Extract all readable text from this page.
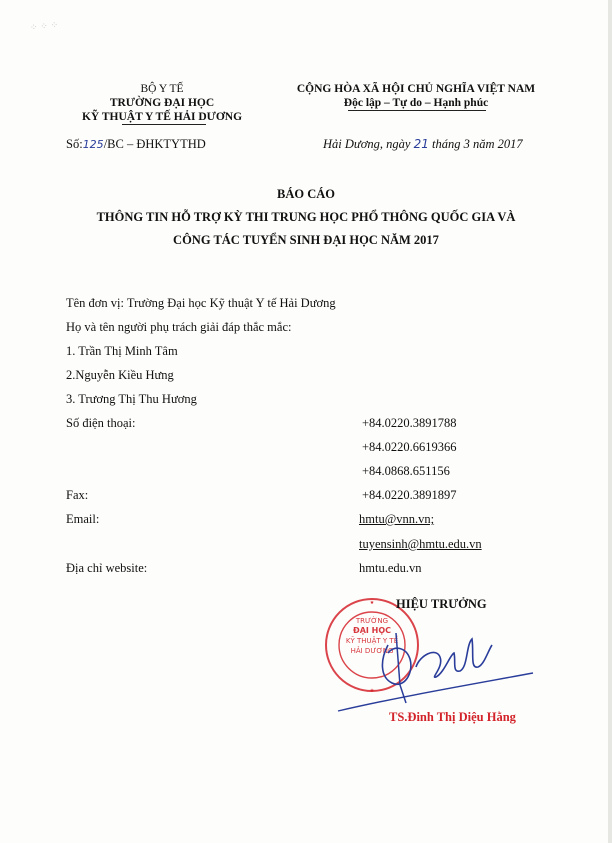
⁘ ⁘ ⁘
BỘ Y TẾ
TRƯỜNG ĐẠI HỌC
KỸ THUẬT Y TẾ HẢI DƯƠNG
CỘNG HÒA XÃ HỘI CHỦ NGHĨA VIỆT NAM
Độc lập – Tự do – Hạnh phúc
Số:125/BC – ĐHKTYTHD	Hải Dương, ngày 21 tháng 3 năm 2017
BÁO CÁO
THÔNG TIN HỖ TRỢ KỲ THI TRUNG HỌC PHỔ THÔNG QUỐC GIA VÀ
CÔNG TÁC TUYỂN SINH ĐẠI HỌC NĂM 2017
Tên đơn vị: Trường Đại học Kỹ thuật Y tế Hải Dương
Họ và tên người phụ trách giải đáp thắc mắc:
1. Trần Thị Minh Tâm
2.Nguyễn Kiều Hưng
3. Trương Thị Thu Hương
Số điện thoại:
Fax:
Email:
Địa chỉ website:
+84.0220.3891788
+84.0220.6619366
+84.0868.651156
+84.0220.3891897
hmtu@vnn.vn;
tuyensinh@hmtu.edu.vn
hmtu.edu.vn
★
★
TRƯỜNG
ĐẠI HỌC
KỸ THUẬT Y TẾ
HẢI DƯƠNG
HIỆU TRƯỞNG
TS.Đinh Thị Diệu Hằng
